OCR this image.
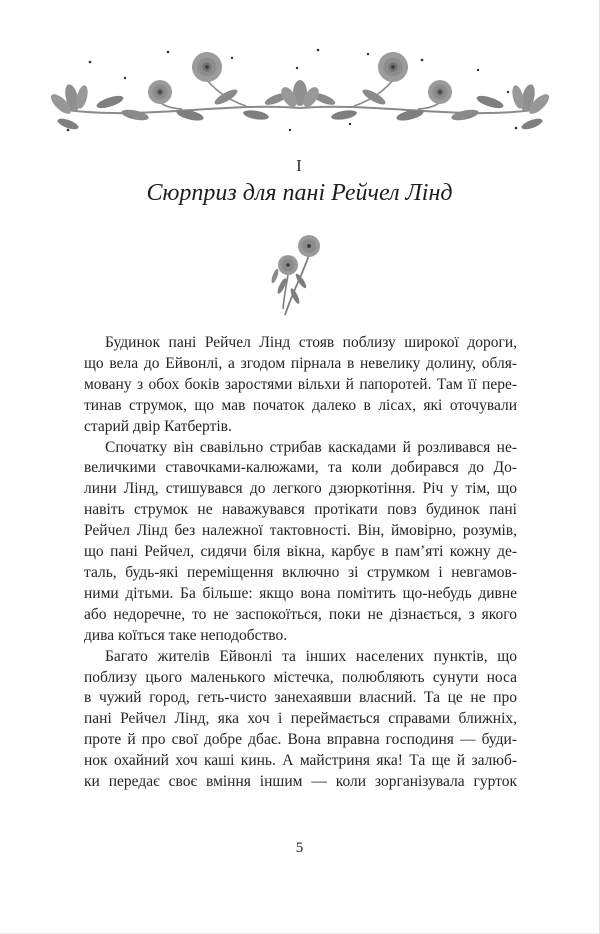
I
Сюрприз для пані Рейчел Лінд
Будинок пані Рейчел Лінд стояв поблизу широкої дороги,
що вела до Ейвонлі, а згодом пірнала в невелику долину, обля-
мовану з обох боків заростями вільхи й папоротей. Там її пере-
тинав струмок, що мав початок далеко в лісах, які оточували
старий двір Катбертів.
Спочатку він свавільно стрибав каскадами й розливався не-
величкими ставочками-калюжами, та коли добирався до До-
лини Лінд, стишувався до легкого дзюркотіння. Річ у тім, що
навіть струмок не наважувався протікати повз будинок пані
Рейчел Лінд без належної тактовності. Він, ймовірно, розумів,
що пані Рейчел, сидячи біля вікна, карбує в пам’яті кожну де-
таль, будь-які переміщення включно зі струмком і невгамов-
ними дітьми. Ба більше: якщо вона помітить що-небудь дивне
або недоречне, то не заспокоїться, поки не дізнається, з якого
дива коїться таке неподобство.
Багато жителів Ейвонлі та інших населених пунктів, що
поблизу цього маленького містечка, полюбляють сунути носа
в чужий город, геть-чисто занехаявши власний. Та це не про
пані Рейчел Лінд, яка хоч і переймається справами ближніх,
проте й про свої добре дбає. Вона вправна господиня — буди-
нок охайний хоч каші кинь. А майстриня яка! Та ще й залюб-
ки передає своє вміння іншим — коли зорганізувала гурток
5
